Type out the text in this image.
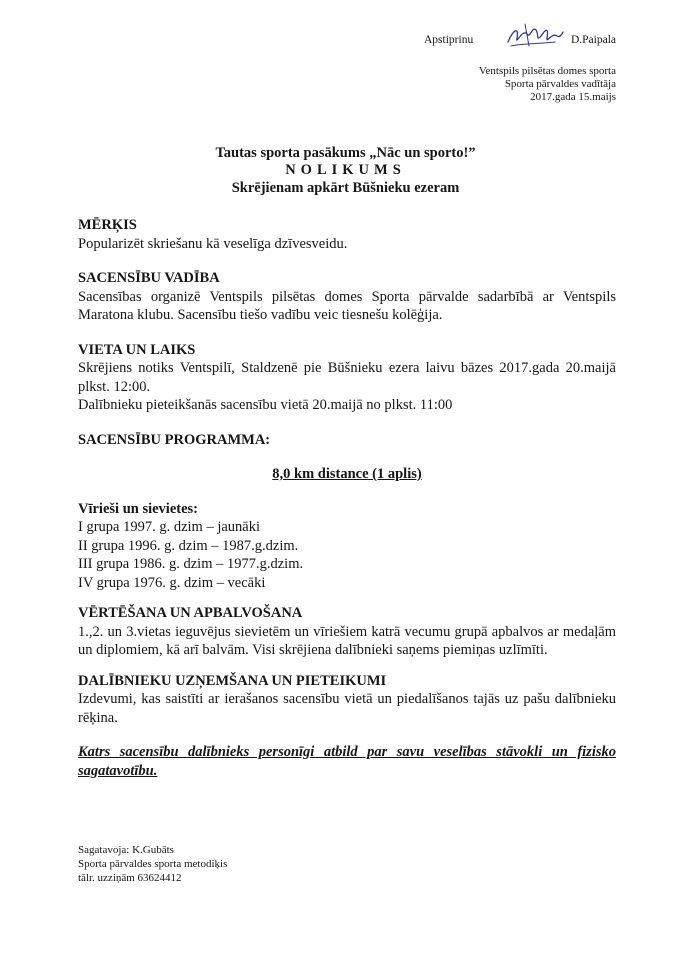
Apstiprinu	D.Paipala
Ventspils pilsētas domes sporta
Sporta pārvaldes vadītāja
2017.gada 15.maijs
Tautas sporta pasākums „Nāc un sporto!”
NOLIKUMS
Skrējienam apkārt Būšnieku ezeram
MĒRĶIS

Popularizēt skriešanu kā veselīga dzīvesveidu.

SACENSĪBU VADĪBA

Sacensības organizē Ventspils pilsētas domes Sporta pārvalde sadarbībā ar Ventspils Maratona klubu. Sacensību tiešo vadību veic tiesnešu kolēģija.

VIETA UN LAIKS

Skrējiens notiks Ventspilī, Staldzenē pie Būšnieku ezera laivu bāzes 2017.gada 20.maijā plkst. 12:00.

Dalībnieku pieteikšanās sacensību vietā 20.maijā no plkst. 11:00

SACENSĪBU PROGRAMMA:

8,0 km distance (1 aplis)

Vīrieši un sievietes:

I grupa 1997. g. dzim – jaunāki

II grupa 1996. g. dzim – 1987.g.dzim.

III grupa 1986. g. dzim – 1977.g.dzim.

IV grupa 1976. g. dzim – vecāki

VĒRTĒŠANA UN APBALVOŠANA

1.,2. un 3.vietas ieguvējus sievietēm un vīriešiem katrā vecumu grupā apbalvos ar medaļām un diplomiem, kā arī balvām. Visi skrējiena dalībnieki saņems piemiņas uzlīmīti.

DALĪBNIEKU UZŅEMŠANA UN PIETEIKUMI

Izdevumi, kas saistīti ar ierašanos sacensību vietā un piedalīšanos tajās uz pašu dalībnieku rēķina.

Katrs sacensību dalībnieks personīgi atbild par savu veselības stāvokli un fizisko sagatavotību.

Sagatavoja: K.Gubāts
Sporta pārvaldes sporta metodiķis
tālr. uzziņām 63624412
